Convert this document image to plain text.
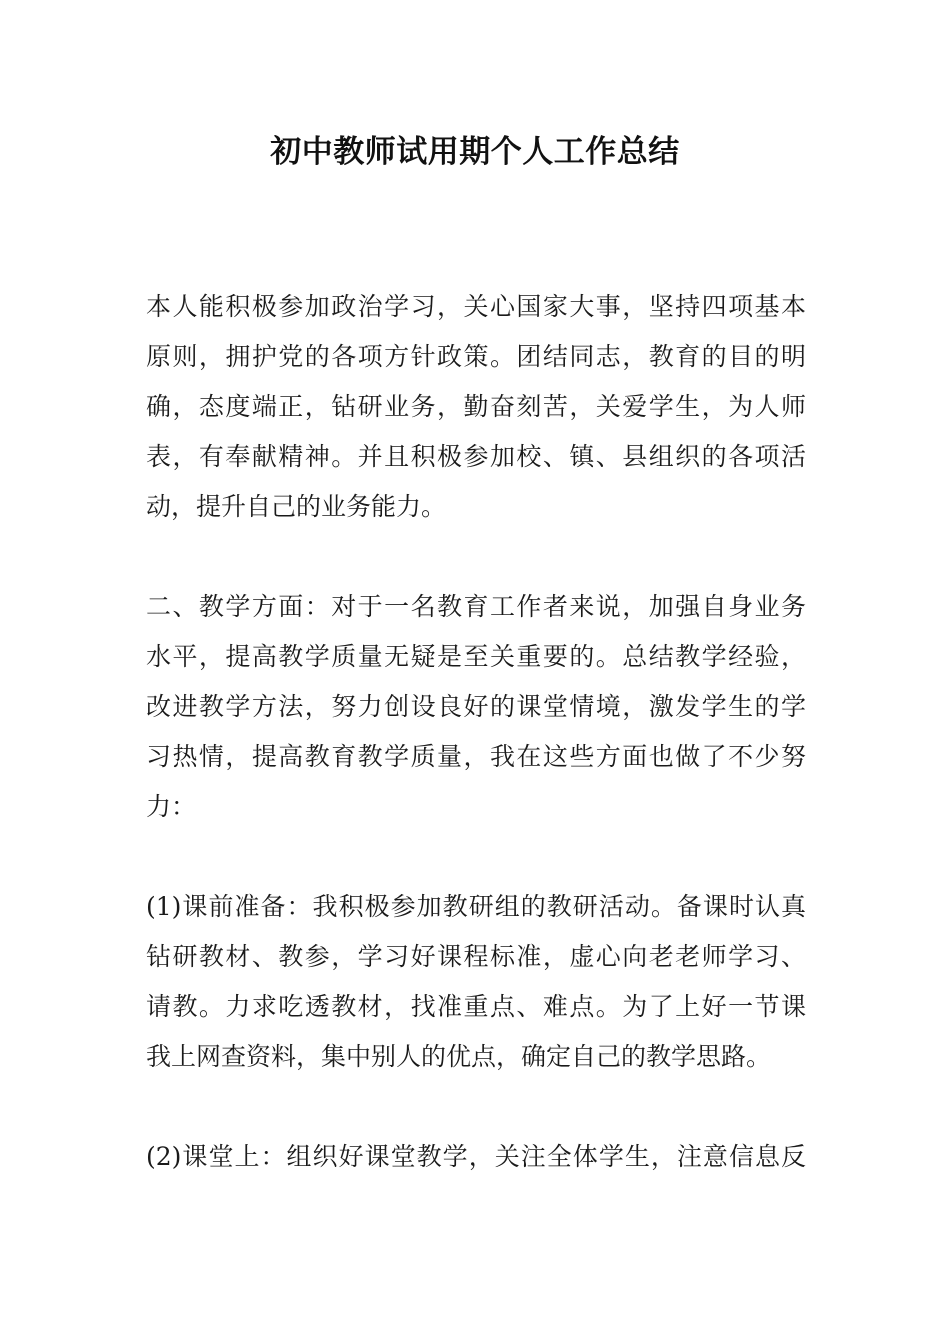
初中教师试用期个人工作总结
本人能积极参加政治学习，关心国家大事，坚持四项基本
原则，拥护党的各项方针政策。团结同志，教育的目的明
确，态度端正，钻研业务，勤奋刻苦，关爱学生，为人师
表，有奉献精神。并且积极参加校、镇、县组织的各项活
动，提升自己的业务能力。
二、教学方面：对于一名教育工作者来说，加强自身业务
水平，提高教学质量无疑是至关重要的。总结教学经验，
改进教学方法，努力创设良好的课堂情境，激发学生的学
习热情，提高教育教学质量，我在这些方面也做了不少努
力：
(1)课前准备：我积极参加教研组的教研活动。备课时认真
钻研教材、教参，学习好课程标准，虚心向老老师学习、
请教。力求吃透教材，找准重点、难点。为了上好一节课
我上网查资料，集中别人的优点，确定自己的教学思路。
(2)课堂上：组织好课堂教学，关注全体学生，注意信息反
